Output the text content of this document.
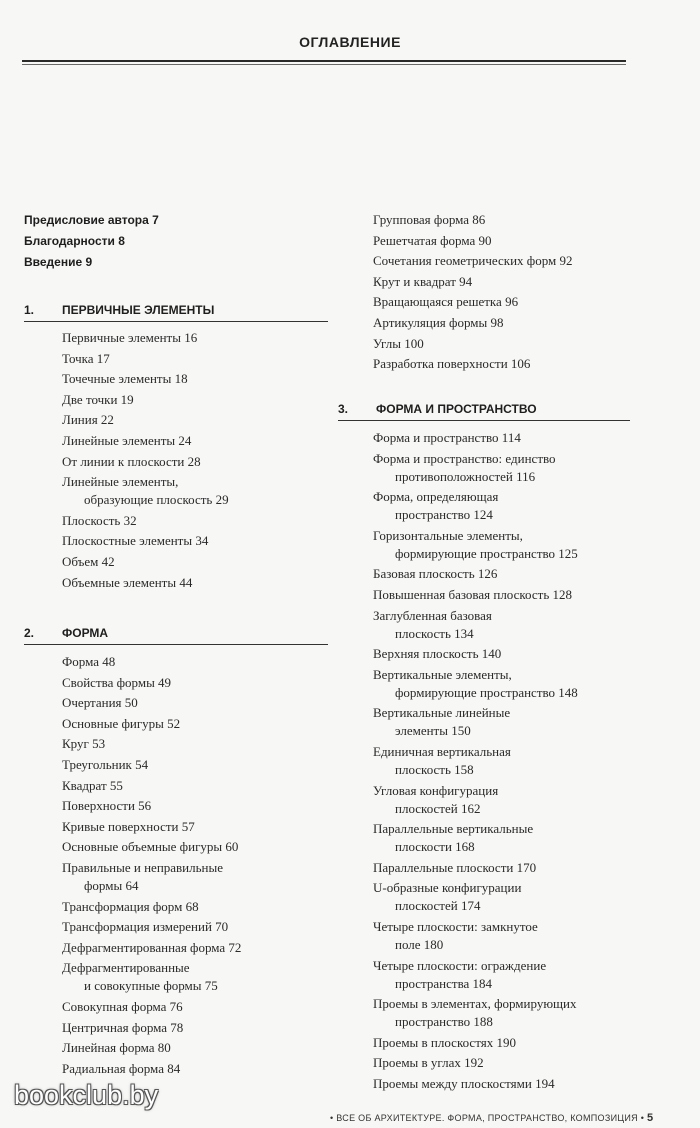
ОГЛАВЛЕНИЕ
Предисловие автора 7
Благодарности 8
Введение 9
1. ПЕРВИЧНЫЕ ЭЛЕМЕНТЫ
Первичные элементы 16
Точка 17
Точечные элементы 18
Две точки 19
Линия 22
Линейные элементы 24
От линии к плоскости 28
Линейные элементы,
образующие плоскость 29
Плоскость 32
Плоскостные элементы 34
Объем 42
Объемные элементы 44
2. ФОРМА
Форма 48
Свойства формы 49
Очертания 50
Основные фигуры 52
Круг 53
Треугольник 54
Квадрат 55
Поверхности 56
Кривые поверхности 57
Основные объемные фигуры 60
Правильные и неправильные
формы 64
Трансформация форм 68
Трансформация измерений 70
Дефрагментированная форма 72
Дефрагментированные
и совокупные формы 75
Совокупная форма 76
Центричная форма 78
Линейная форма 80
Радиальная форма 84
Групповая форма 86
Решетчатая форма 90
Сочетания геометрических форм 92
Крут и квадрат 94
Вращающаяся решетка 96
Артикуляция формы 98
Углы 100
Разработка поверхности 106
3. ФОРМА И ПРОСТРАНСТВО
Форма и пространство 114
Форма и пространство: единство
противоположностей 116
Форма, определяющая
пространство 124
Горизонтальные элементы,
формирующие пространство 125
Базовая плоскость 126
Повышенная базовая плоскость 128
Заглубленная базовая
плоскость 134
Верхняя плоскость 140
Вертикальные элементы,
формирующие пространство 148
Вертикальные линейные
элементы 150
Единичная вертикальная
плоскость 158
Угловая конфигурация
плоскостей 162
Параллельные вертикальные
плоскости 168
Параллельные плоскости 170
U-образные конфигурации
плоскостей 174
Четыре плоскости: замкнутое
поле 180
Четыре плоскости: ограждение
пространства 184
Проемы в элементах, формирующих
пространство 188
Проемы в плоскостях 190
Проемы в углах 192
Проемы между плоскостями 194
• ВСЕ ОБ АРХИТЕКТУРЕ. ФОРМА, ПРОСТРАНСТВО, КОМПОЗИЦИЯ • 5
bookclub.by
